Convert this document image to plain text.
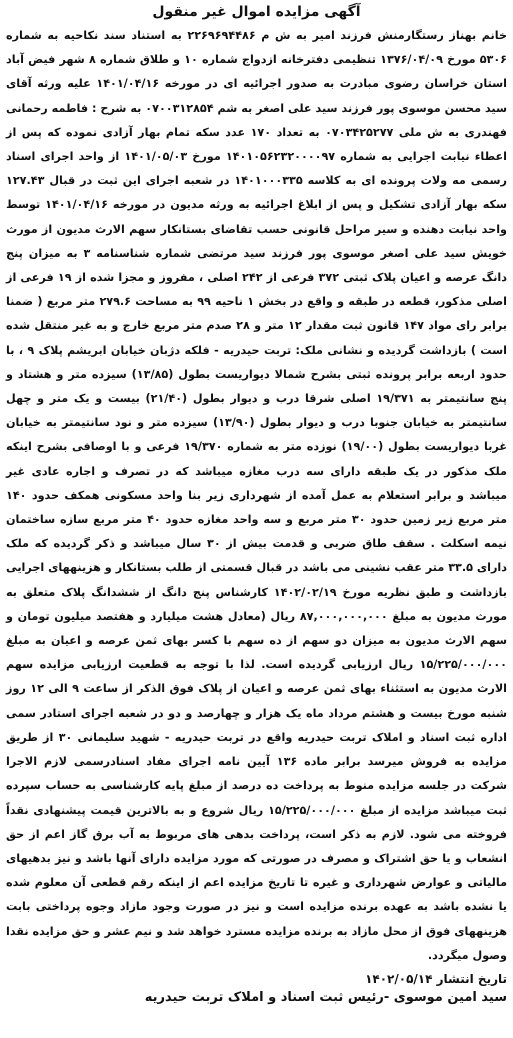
آگهی مزایده اموال غیر منقول

خانم بهناز رستگارمنش فرزند امیر به ش م ۲۲۶۹۶۹۴۴۸۶ به استناد سند نکاحیه به شماره ۵۳۰۶ مورخ ۱۳۷۶/۰۴/۰۹ تنظیمی دفترخانه ازدواج شماره ۱۰ و طلاق شماره ۸ شهر فیض آباد استان خراسان رضوی مبادرت به صدور اجرائیه ای در مورخه ۱۴۰۱/۰۴/۱۶ علیه ورثه آقای سید محسن موسوی پور فرزند سید علی اصغر به شم ۰۷۰۰۳۱۲۸۵۴ به شرح : فاطمه رحمانی فهندری به ش ملی ۰۷۰۳۴۲۵۲۷۷ به تعداد ۱۷۰ عدد سکه تمام بهار آزادی نموده که پس از اعطاء نیابت اجرایی به شماره ۱۴۰۱۰۵۶۲۳۲۰۰۰۰۹۷ مورخ ۱۴۰۱/۰۵/۰۳ از واحد اجرای اسناد رسمی مه ولات پرونده ای به کلاسه ۱۴۰۱۰۰۰۳۳۵ در شعبه اجرای این ثبت در قبال ۱۲۷.۴۳ سکه بهار آزادی تشکیل و پس از ابلاغ اجرائیه به ورثه مدیون در مورخه ۱۴۰۱/۰۴/۱۶ توسط واحد نیابت دهنده و سیر مراحل قانونی حسب تقاضای بستانکار سهم الارث مدیون از مورث خویش سید علی اصغر موسوی پور فرزند سید مرتضی شماره شناسنامه ۳ به میزان پنج دانگ عرصه و اعیان پلاک ثبتی ۳۷۲ فرعی از ۲۴۲ اصلی ، مفروز و مجزا شده از ۱۹ فرعی از اصلی مذکور، قطعه در طبقه و واقع در بخش ۱ ناحیه ۹۹ به مساحت ۲۷۹.۶ متر مربع ( ضمنا برابر رای مواد ۱۴۷ قانون ثبت مقدار ۱۲ متر و ۲۸ صدم متر مربع خارج و به غیر منتقل شده است ) بازداشت گردیده و نشانی ملک: تربت حیدریه - فلکه دژبان خیابان ابریشم پلاک ۹ ، با حدود اربعه برابر پرونده ثبتی بشرح شمالا دیواریست بطول (۱۳/۸۵) سیزده متر و هشتاد و پنج سانتیمتر به ۱۹/۳۷۱ اصلی شرقا درب و دیوار بطول (۲۱/۴۰) بیست و یک متر و چهل سانتیمتر به خیابان جنوبا درب و دیوار بطول (۱۳/۹۰) سیزده متر و نود سانتیمتر به خیابان غربا دیواریست بطول (۱۹/۰۰) نوزده متر به شماره ۱۹/۳۷۰ فرعی و با اوصافی بشرح اینکه ملک مذکور در یک طبقه دارای سه درب مغازه میباشد که در تصرف و اجاره عادی غیر میباشد و برابر استعلام به عمل آمده از شهرداری زیر بنا واحد مسکونی همکف حدود ۱۴۰ متر مربع زیر زمین حدود ۳۰ متر مربع و سه واحد مغازه حدود ۴۰ متر مربع سازه ساختمان نیمه اسکلت . سقف طاق ضربی و قدمت بیش از ۳۰ سال میباشد و ذکر گردیده که ملک دارای ۳۳.۵ متر عقب نشینی می باشد در قبال قسمتی از طلب بستانکار و هزینههای اجرایی بازداشت و طبق نظریه مورخ ۱۴۰۲/۰۲/۱۹ کارشناس پنج دانگ از ششدانگ پلاک متعلق به مورث مدیون به مبلغ ۸۷,۰۰۰,۰۰۰,۰۰۰ ریال (معادل هشت میلیارد و هفتصد میلیون تومان و سهم الارث مدیون به میزان دو سهم از ده سهم با کسر بهای ثمن عرصه و اعیان به مبلغ ۱۵/۲۲۵/۰۰۰/۰۰۰ ریال ارزیابی گردیده است. لذا با توجه به قطعیت ارزیابی مزایده سهم الارث مدیون به استثناء بهای ثمن عرصه و اعیان از پلاک فوق الذکر از ساعت ۹ الی ۱۲ روز شنبه مورخ بیست و هشتم مرداد ماه یک هزار و چهارصد و دو در شعبه اجرای استادر سمی اداره ثبت اسناد و املاک تربت حیدریه واقع در تربت حیدریه - شهید سلیمانی ۳۰ از طریق مزایده به فروش میرسد برابر ماده ۱۳۶ آیین نامه اجرای مفاد اسنادرسمی لازم الاجرا شرکت در جلسه مزایده منوط به پرداخت ده درصد از مبلغ پایه کارشناسی به حساب سپرده ثبت میباشد مزایده از مبلغ ۱۵/۲۲۵/۰۰۰/۰۰۰ ریال شروع و به بالاترین قیمت پیشنهادی نقداً فروخته می شود. لازم به ذکر است، پرداخت بدهی های مربوط به آب برق گاز اعم از حق انشعاب و یا حق اشتراک و مصرف در صورتی که مورد مزایده دارای آنها باشد و نیز بدهیهای مالیاتی و عوارض شهرداری و غیره تا تاریخ مزایده اعم از اینکه رقم قطعی آن معلوم شده یا نشده باشد به عهده برنده مزایده است و نیز در صورت وجود مازاد وجوه پرداختی بابت هزینههای فوق از محل مازاد به برنده مزایده مسترد خواهد شد و نیم عشر و حق مزایده نقدا وصول میگردد.

تاریخ انتشار ۱۴۰۲/۰۵/۱۴
سید امین موسوی -رئیس ثبت اسناد و املاک تربت حیدریه
